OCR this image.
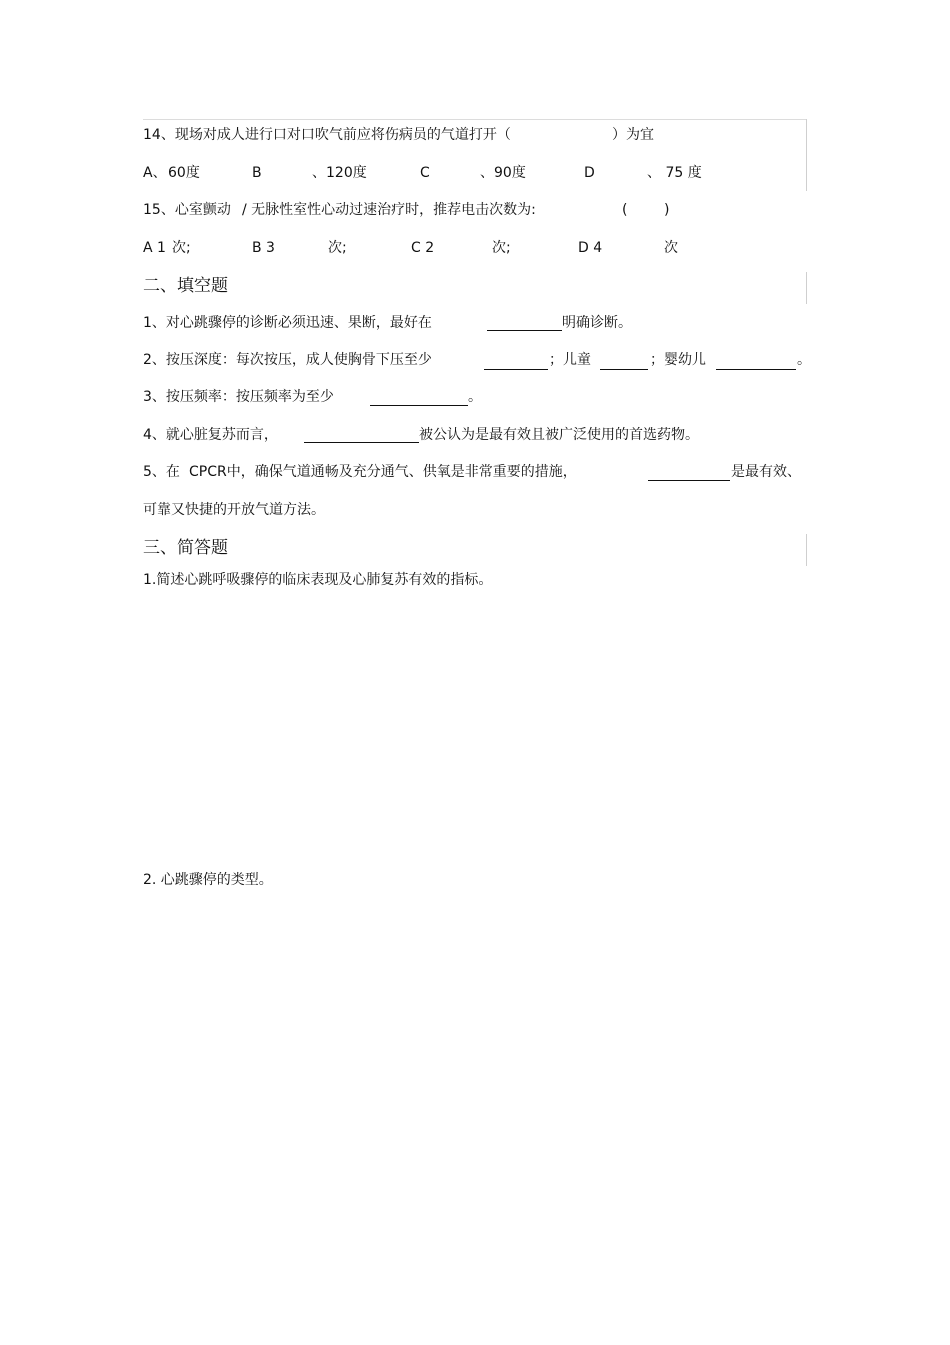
14、现场对成人进行口对口吹气前应将伤病员的气道打开（	）为宜
A、 60度	B	、120度	C	、90度	D	、 75 度
15、心室颤动 / 无脉性室性心动过速治疗时，推荐电击次数为:	(	)
A 1 次;	B 3	次;	C 2	次;	D 4	次
二、填空题
1、对心跳骤停的诊断必须迅速、果断，最好在	明确诊断。
2、按压深度：每次按压，成人使胸骨下压至少	；儿童	；婴幼儿	。
3、按压频率：按压频率为至少	。
4、就心脏复苏而言，	被公认为是最有效且被广泛使用的首选药物。
5、在 CPCR中，确保气道通畅及充分通气、供氧是非常重要的措施，	是最有效、
可靠又快捷的开放气道方法。
三、简答题
1.简述心跳呼吸骤停的临床表现及心肺复苏有效的指标。
2. 心跳骤停的类型。
